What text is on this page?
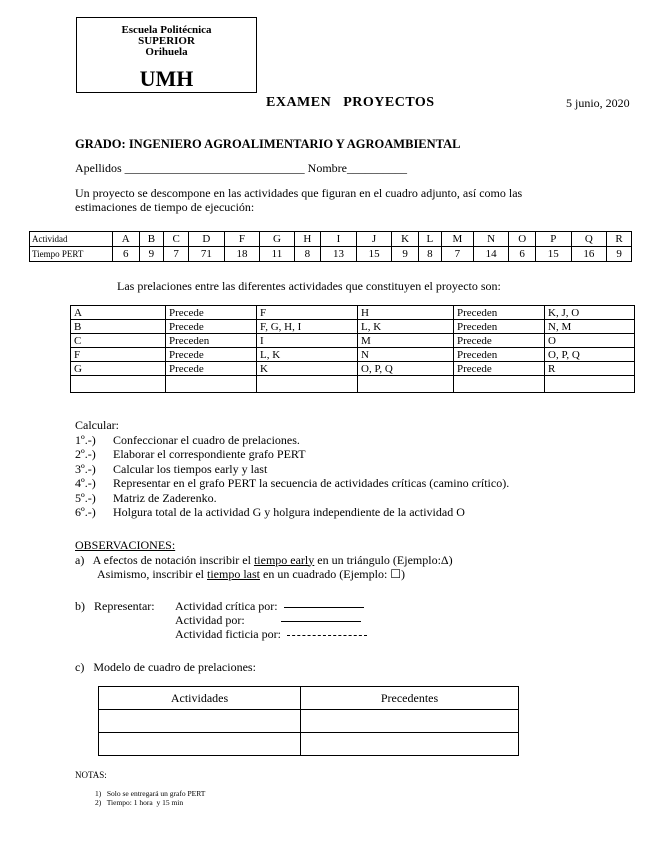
Escuela Politécnica
SUPERIOR
Orihuela
UMH
EXAMEN   PROYECTOS	5 junio, 2020
GRADO: INGENIERO AGROALIMENTARIO Y AGROAMBIENTAL
Apellidos ______________________________ Nombre__________
Un proyecto se descompone en las actividades que figuran en el cuadro adjunto, así como las estimaciones de tiempo de ejecución:
Actividad	A	B	C	D	F	G	H	I	J	K	L	M	N	O	P	Q	R
Tiempo PERT	6	9	7	71	18	11	8	13	15	9	8	7	14	6	15	16	9
Las prelaciones entre las diferentes actividades que constituyen el proyecto son:
A	Precede	F	H	Preceden	K, J, O
B	Precede	F, G, H, I	L, K	Preceden	N, M
C	Preceden	I	M	Precede	O
F	Precede	L, K	N	Preceden	O, P, Q
G	Precede	K	O, P, Q	Precede	R

Calcular:
1º.-) Confeccionar el cuadro de prelaciones.
2º.-) Elaborar el correspondiente grafo PERT
3º.-) Calcular los tiempos early y last
4º.-) Representar en el grafo PERT la secuencia de actividades críticas (camino crítico).
5º.-) Matriz de Zaderenko.
6º.-) Holgura total de la actividad G y holgura independiente de la actividad O
OBSERVACIONES:
a)   A efectos de notación inscribir el tiempo early en un triángulo (Ejemplo:Δ)
Asimismo, inscribir el tiempo last en un cuadrado (Ejemplo: ☐)
b)   Representar:	Actividad crítica por:
Actividad por:
Actividad ficticia por:
c)   Modelo de cuadro de prelaciones:
Actividades	Precedentes

NOTAS:
1)   Solo se entregará un grafo PERT
2)   Tiempo: 1 hora  y 15 min
